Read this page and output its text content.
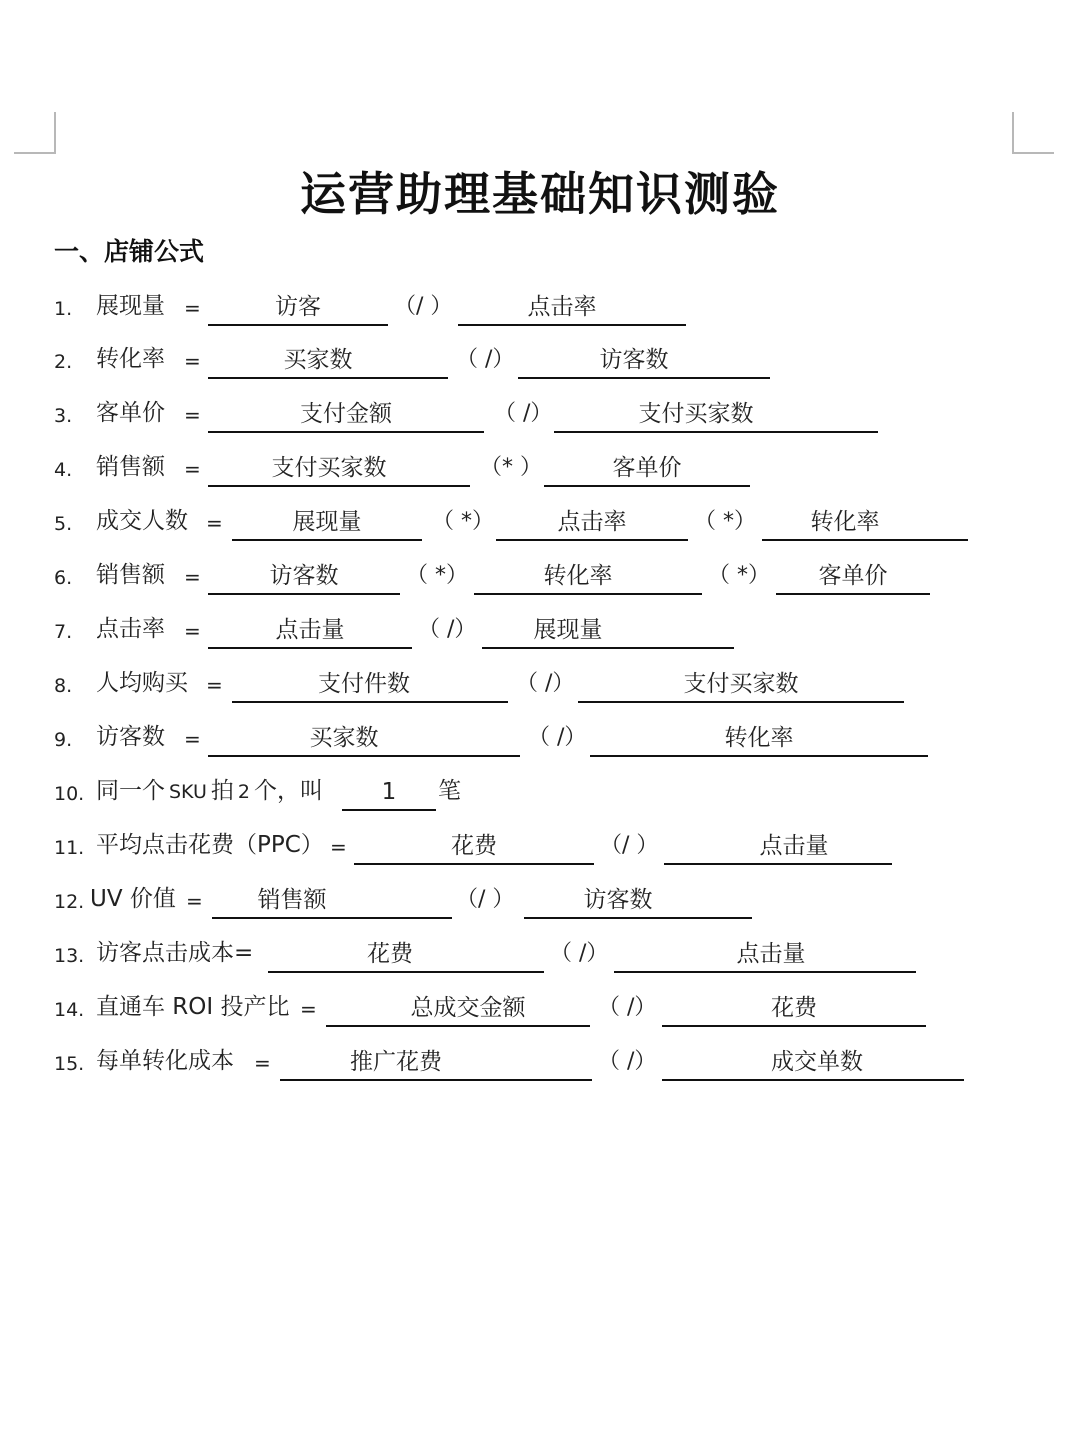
运营助理基础知识测验
一、店铺公式
1. 展现量 =	访客	（/ ）	点击率
2. 转化率 =	买家数	（ /）	访客数
3. 客单价 =	支付金额	（ /）	支付买家数
4. 销售额 =	支付买家数	（* ）	客单价
5. 成交人数 =	展现量	（ *）	点击率	（ *）	转化率
6. 销售额 =	访客数	（ *）	转化率	（ *）	客单价
7. 点击率 =	点击量	（ /）	展现量
8. 人均购买 =	支付件数	（ /）	支付买家数
9. 访客数 =	买家数	（ /）	转化率
10. 同一个 SKU 拍 2 个，叫	1	笔
11. 平均点击花费（PPC） =	花费	（/ ）	点击量
12. UV 价值 =	销售额	（/ ）	访客数
13. 访客点击成本=	花费	（ /）	点击量
14. 直通车 ROI 投产比 =	总成交金额	（ /）	花费
15. 每单转化成本 =	推广花费	（ /）	成交单数
